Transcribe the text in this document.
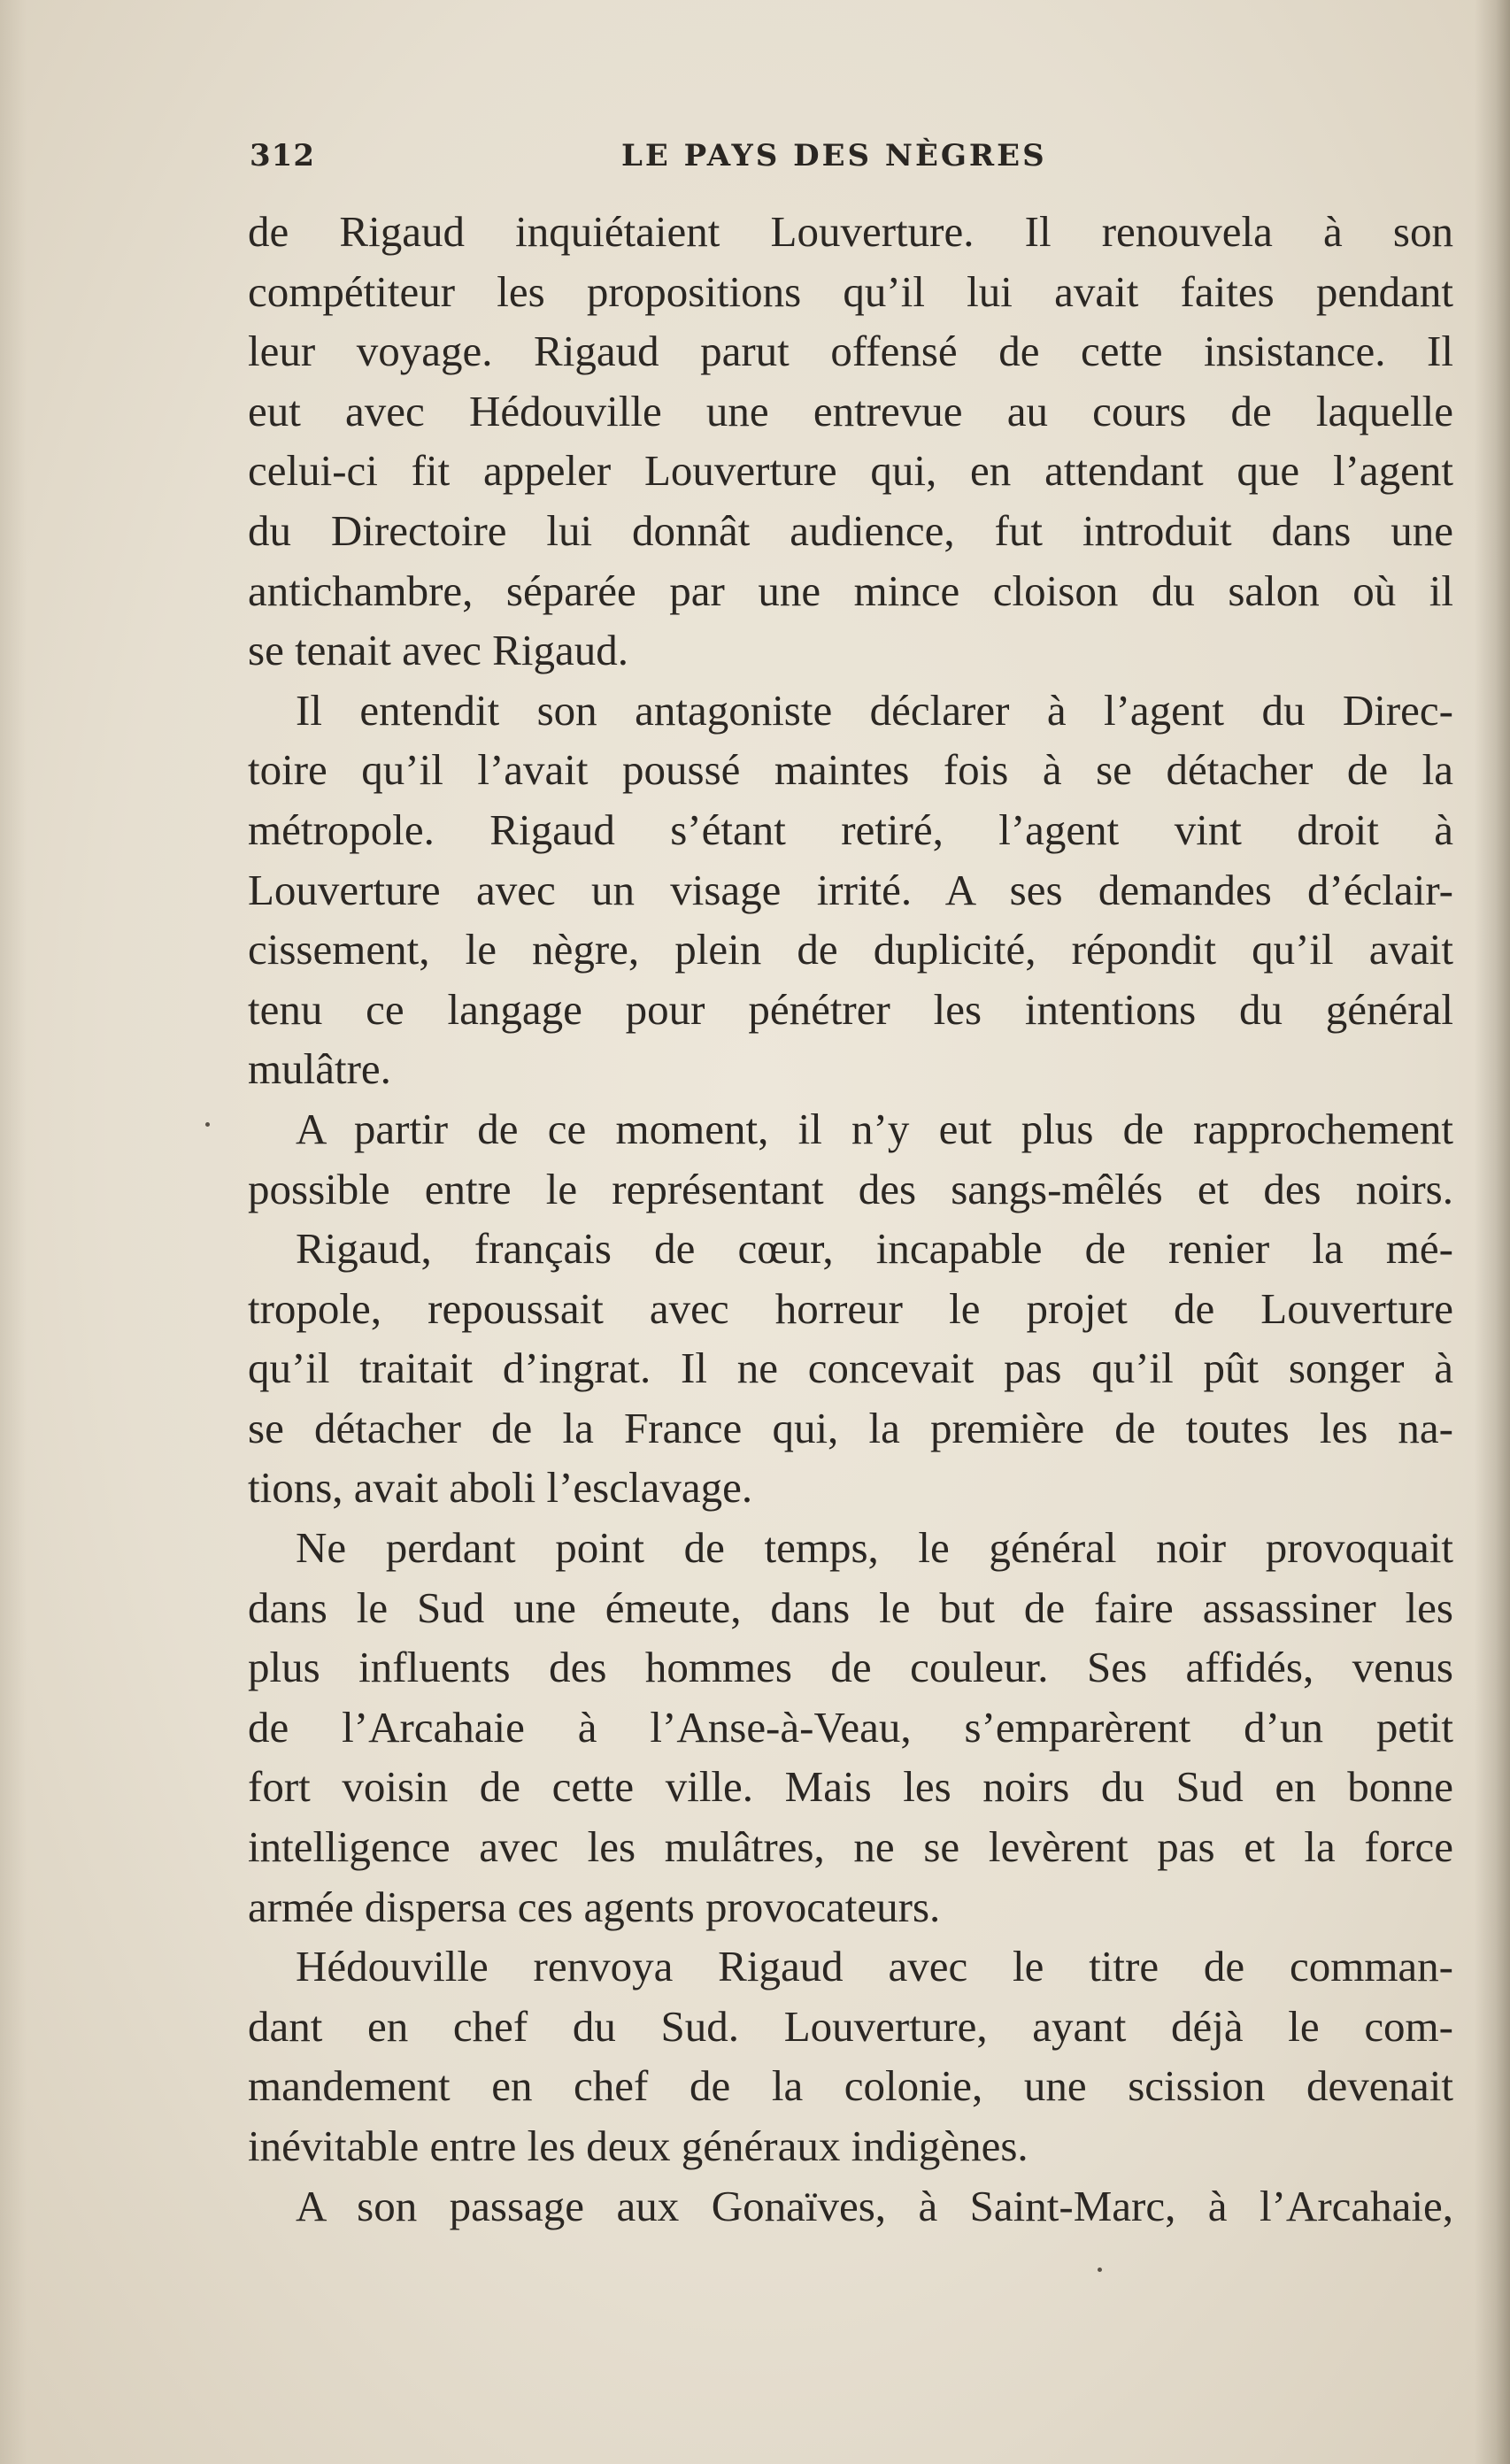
312	LE PAYS DES NÈGRES
de Rigaud inquiétaient Louverture. Il renouvela à son
compétiteur les propositions qu’il lui avait faites pendant
leur voyage. Rigaud parut offensé de cette insistance. Il
eut avec Hédouville une entrevue au cours de laquelle
celui-ci fit appeler Louverture qui, en attendant que l’agent
du Directoire lui donnât audience, fut introduit dans une
antichambre, séparée par une mince cloison du salon où il
se tenait avec Rigaud.
Il entendit son antagoniste déclarer à l’agent du Direc-
toire qu’il l’avait poussé maintes fois à se détacher de la
métropole. Rigaud s’étant retiré, l’agent vint droit à
Louverture avec un visage irrité. A ses demandes d’éclair-
cissement, le nègre, plein de duplicité, répondit qu’il avait
tenu ce langage pour pénétrer les intentions du général
mulâtre.
A partir de ce moment, il n’y eut plus de rapprochement
possible entre le représentant des sangs-mêlés et des noirs.
Rigaud, français de cœur, incapable de renier la mé-
tropole, repoussait avec horreur le projet de Louverture
qu’il traitait d’ingrat. Il ne concevait pas qu’il pût songer à
se détacher de la France qui, la première de toutes les na-
tions, avait aboli l’esclavage.
Ne perdant point de temps, le général noir provoquait
dans le Sud une émeute, dans le but de faire assassiner les
plus influents des hommes de couleur. Ses affidés, venus
de l’Arcahaie à l’Anse-à-Veau, s’emparèrent d’un petit
fort voisin de cette ville. Mais les noirs du Sud en bonne
intelligence avec les mulâtres, ne se levèrent pas et la force
armée dispersa ces agents provocateurs.
Hédouville renvoya Rigaud avec le titre de comman-
dant en chef du Sud. Louverture, ayant déjà le com-
mandement en chef de la colonie, une scission devenait
inévitable entre les deux généraux indigènes.
A son passage aux Gonaïves, à Saint-Marc, à l’Arcahaie,
